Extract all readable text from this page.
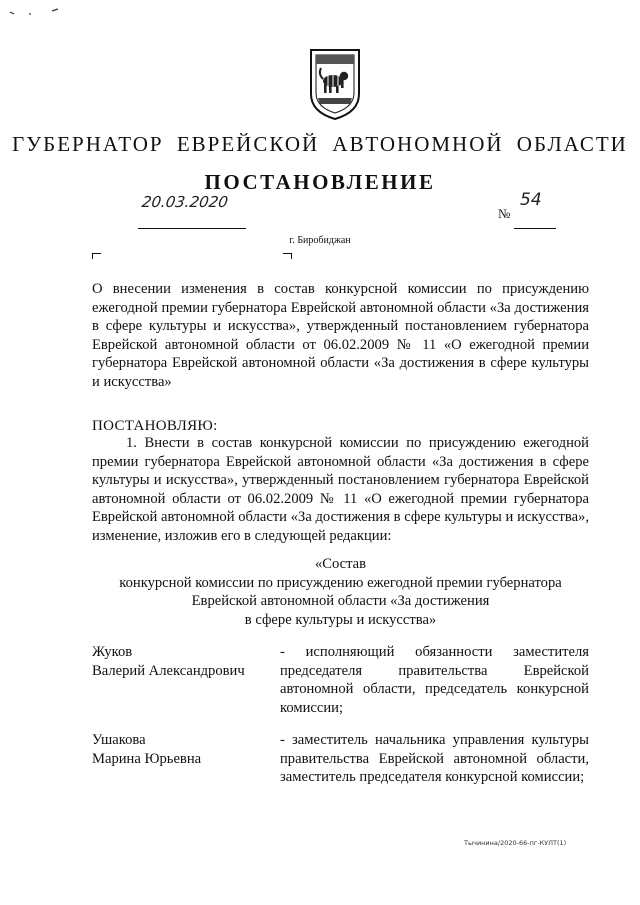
ГУБЕРНАТОР ЕВРЕЙСКОЙ АВТОНОМНОЙ ОБЛАСТИ
ПОСТАНОВЛЕНИЕ
20.03.2020
№
54
г. Биробиджан

О внесении изменения в состав конкурсной комиссии по присуждению ежегодной премии губернатора Еврейской автономной области «За достижения в сфере культуры и искусства», утвержденный постановлением губернатора Еврейской автономной области от 06.02.2009 № 11 «О ежегодной премии губернатора Еврейской автономной области «За достижения в сфере культуры и искусства»

ПОСТАНОВЛЯЮ:

1. Внести в состав конкурсной комиссии по присуждению ежегодной премии губернатора Еврейской автономной области «За достижения в сфере культуры и искусства», утвержденный постановлением губернатора Еврейской автономной области от 06.02.2009 № 11 «О ежегодной премии губернатора Еврейской автономной области «За достижения в сфере культуры и искусства», изменение, изложив его в следующей редакции:

«Состав
конкурсной комиссии по присуждению ежегодной премии губернатора
Еврейской автономной области «За достижения
в сфере культуры и искусства»
Жуков
Валерий Александрович

- исполняющий обязанности заместителя председателя правительства Еврейской автономной области, председатель конкурсной комиссии;

Ушакова
Марина Юрьевна

- заместитель начальника управления культуры правительства Еврейской автономной области, заместитель председателя конкурсной комиссии;

Тычинина/2020-66-пг-КУЛТ(1)
